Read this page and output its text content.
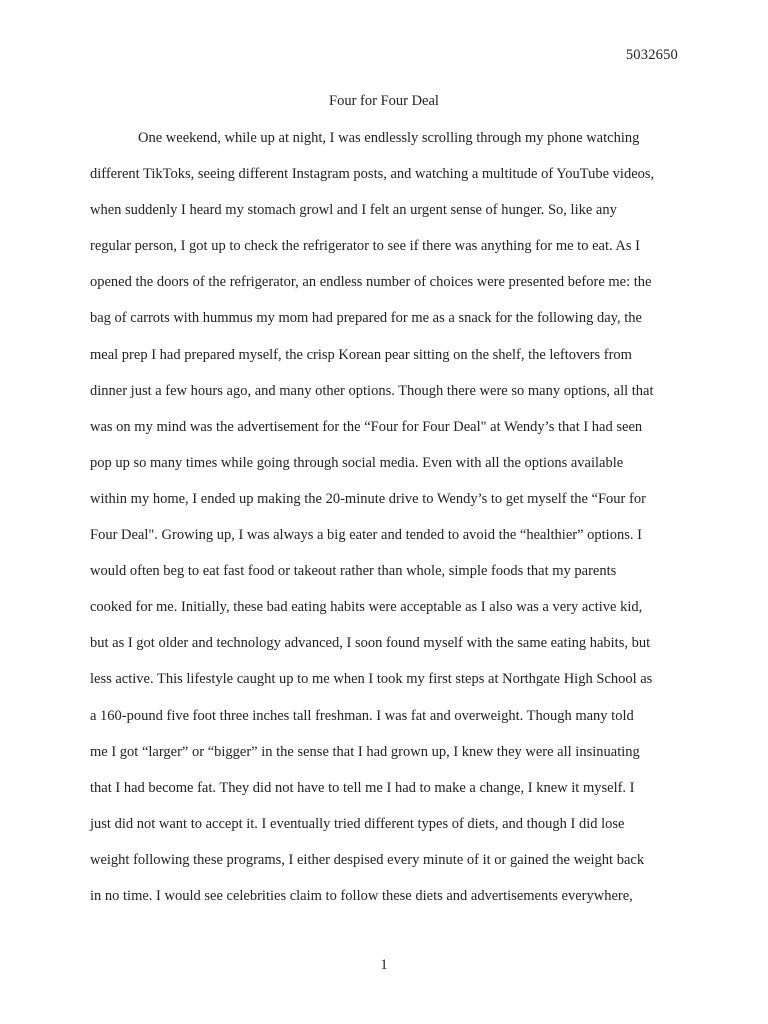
5032650
Four for Four Deal
One weekend, while up at night, I was endlessly scrolling through my phone watching
different TikToks, seeing different Instagram posts, and watching a multitude of YouTube videos,
when suddenly I heard my stomach growl and I felt an urgent sense of hunger. So, like any
regular person, I got up to check the refrigerator to see if there was anything for me to eat. As I
opened the doors of the refrigerator, an endless number of choices were presented before me: the
bag of carrots with hummus my mom had prepared for me as a snack for the following day, the
meal prep I had prepared myself, the crisp Korean pear sitting on the shelf, the leftovers from
dinner just a few hours ago, and many other options. Though there were so many options, all that
was on my mind was the advertisement for the “Four for Four Deal" at Wendy’s that I had seen
pop up so many times while going through social media. Even with all the options available
within my home, I ended up making the 20-minute drive to Wendy’s to get myself the “Four for
Four Deal". Growing up, I was always a big eater and tended to avoid the “healthier” options. I
would often beg to eat fast food or takeout rather than whole, simple foods that my parents
cooked for me. Initially, these bad eating habits were acceptable as I also was a very active kid,
but as I got older and technology advanced, I soon found myself with the same eating habits, but
less active. This lifestyle caught up to me when I took my first steps at Northgate High School as
a 160-pound five foot three inches tall freshman. I was fat and overweight. Though many told
me I got “larger” or “bigger” in the sense that I had grown up, I knew they were all insinuating
that I had become fat. They did not have to tell me I had to make a change, I knew it myself. I
just did not want to accept it. I eventually tried different types of diets, and though I did lose
weight following these programs, I either despised every minute of it or gained the weight back
in no time. I would see celebrities claim to follow these diets and advertisements everywhere,
1
